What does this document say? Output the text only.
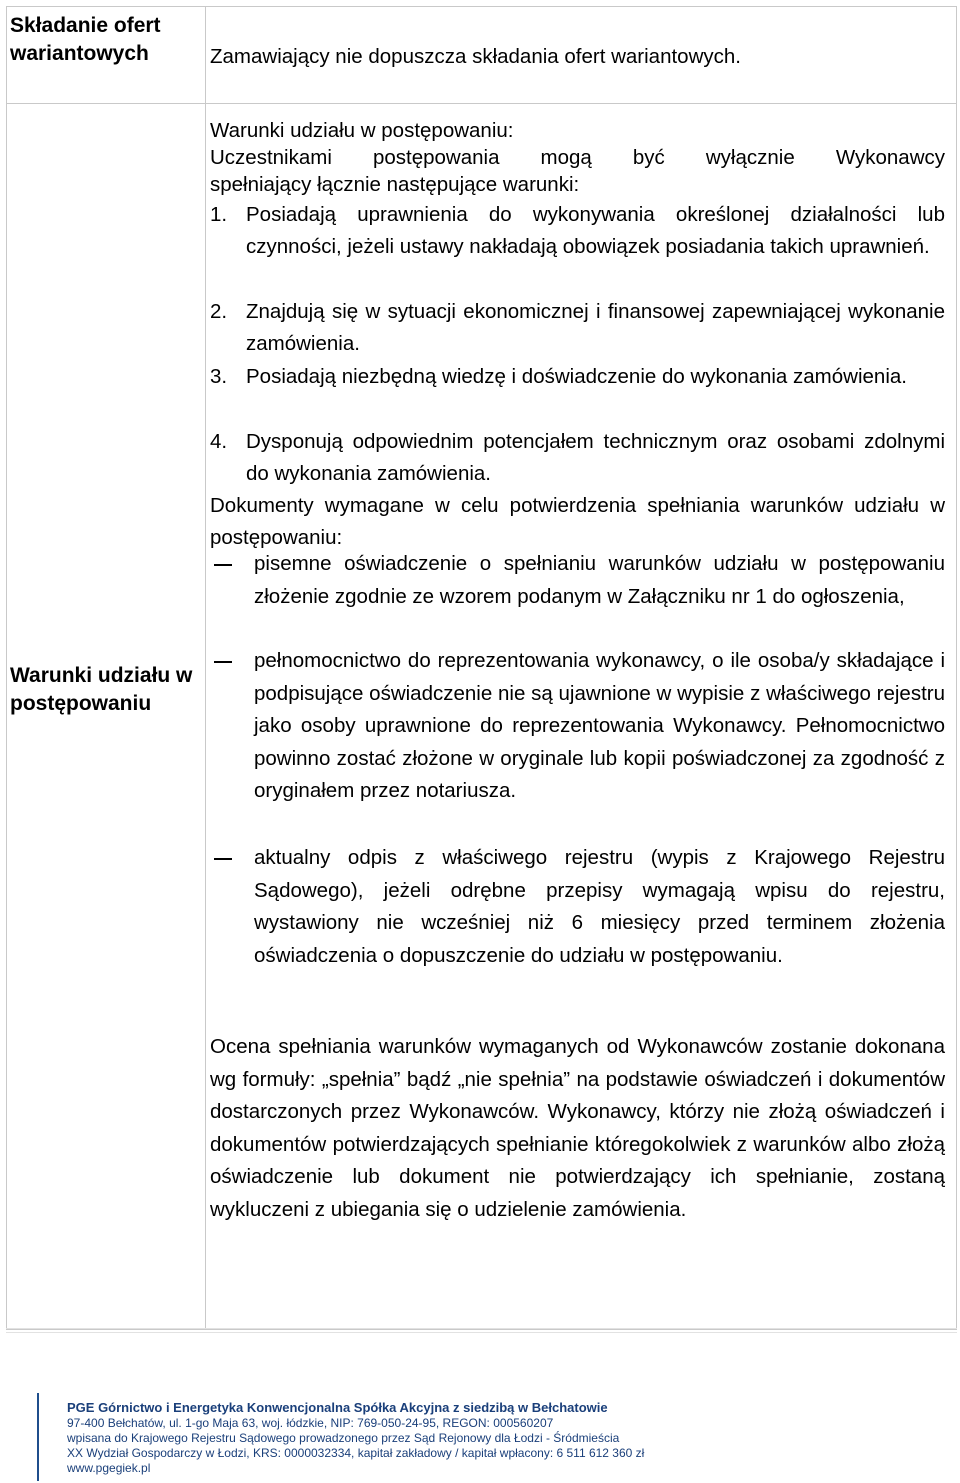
Składanie ofert wariantowych	Zamawiający nie dopuszcza składania ofert wariantowych.
Warunki udziału w postępowaniu
Warunki udziału w postępowaniu:
Uczestnikami postępowania mogą być wyłącznie Wykonawcy
spełniający łącznie następujące warunki:
1. Posiadają uprawnienia do wykonywania określonej działalności lub czynności, jeżeli ustawy nakładają obowiązek posiadania takich uprawnień.
2. Znajdują się w sytuacji ekonomicznej i finansowej zapewniającej wykonanie zamówienia.
3. Posiadają niezbędną wiedzę i doświadczenie do wykonania zamówienia.
4. Dysponują odpowiednim potencjałem technicznym oraz osobami zdolnymi do wykonania zamówienia.
Dokumenty wymagane w celu potwierdzenia spełniania warunków udziału w postępowaniu:
pisemne oświadczenie o spełnianiu warunków udziału w postępowaniu złożenie zgodnie ze wzorem podanym w Załączniku nr 1 do ogłoszenia,
pełnomocnictwo do reprezentowania wykonawcy, o ile osoba/y składające i podpisujące oświadczenie nie są ujawnione w wypisie z właściwego rejestru jako osoby uprawnione do reprezentowania Wykonawcy. Pełnomocnictwo powinno zostać złożone w oryginale lub kopii poświadczonej za zgodność z oryginałem przez notariusza.
aktualny odpis z właściwego rejestru (wypis z Krajowego Rejestru Sądowego), jeżeli odrębne przepisy wymagają wpisu do rejestru, wystawiony nie wcześniej niż 6 miesięcy przed terminem złożenia oświadczenia o dopuszczenie do udziału w postępowaniu.
Ocena spełniania warunków wymaganych od Wykonawców zostanie dokonana wg formuły: „spełnia” bądź „nie spełnia” na podstawie oświadczeń i dokumentów dostarczonych przez Wykonawców. Wykonawcy, którzy nie złożą oświadczeń i dokumentów potwierdzających spełnianie któregokolwiek z warunków albo złożą oświadczenie lub dokument nie potwierdzający ich spełnianie, zostaną wykluczeni z ubiegania się o udzielenie zamówienia.
PGE Górnictwo i Energetyka Konwencjonalna Spółka Akcyjna z siedzibą w Bełchatowie
97-400 Bełchatów, ul. 1-go Maja 63, woj. łódzkie, NIP: 769-050-24-95, REGON: 000560207
wpisana do Krajowego Rejestru Sądowego prowadzonego przez Sąd Rejonowy dla Łodzi - Śródmieścia
XX Wydział Gospodarczy w Łodzi, KRS: 0000032334, kapitał zakładowy / kapitał wpłacony: 6 511 612 360 zł
www.pgegiek.pl
